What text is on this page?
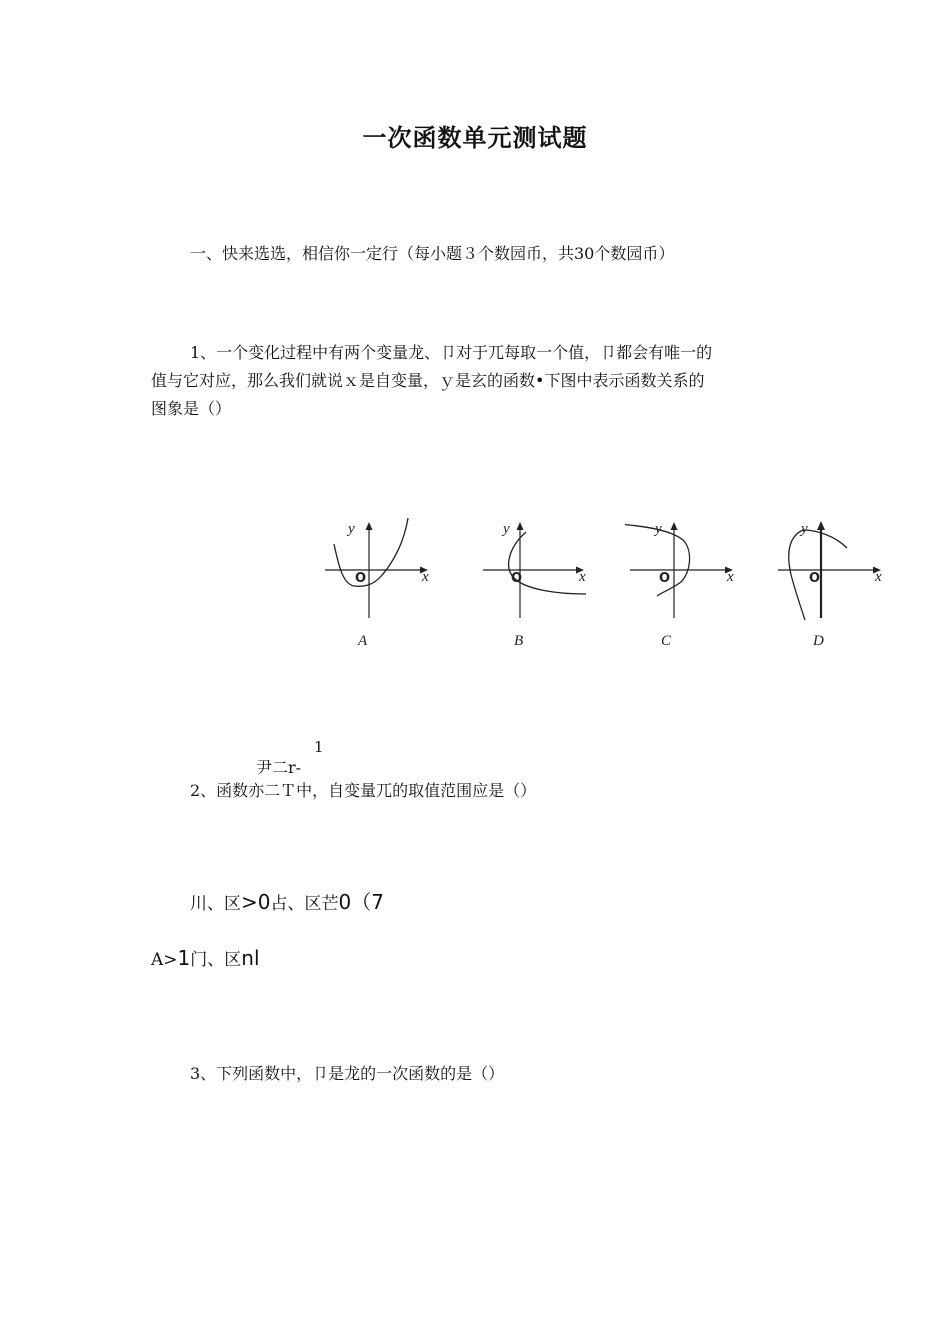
一次函数单元测试题
一、快来选选，相信你一定行（每小题３个数园币，共30个数园币）
1、一个变化过程中有两个变量龙、卩对于兀每取一个值，卩都会有唯一的
值与它对应，那么我们就说ｘ是自变量，ｙ是玄的函数•下图中表示函数关系的
图象是（）
y
x
O
A
y
x
O
B
y
x
O
C
y
x
O
D
1
尹二r-
2、函数亦二Ｔ中，自变量兀的取值范围应是（）
川、区>0占、区芒0（7
A>1门、区nl
3、下列函数中，卩是龙的一次函数的是（）
